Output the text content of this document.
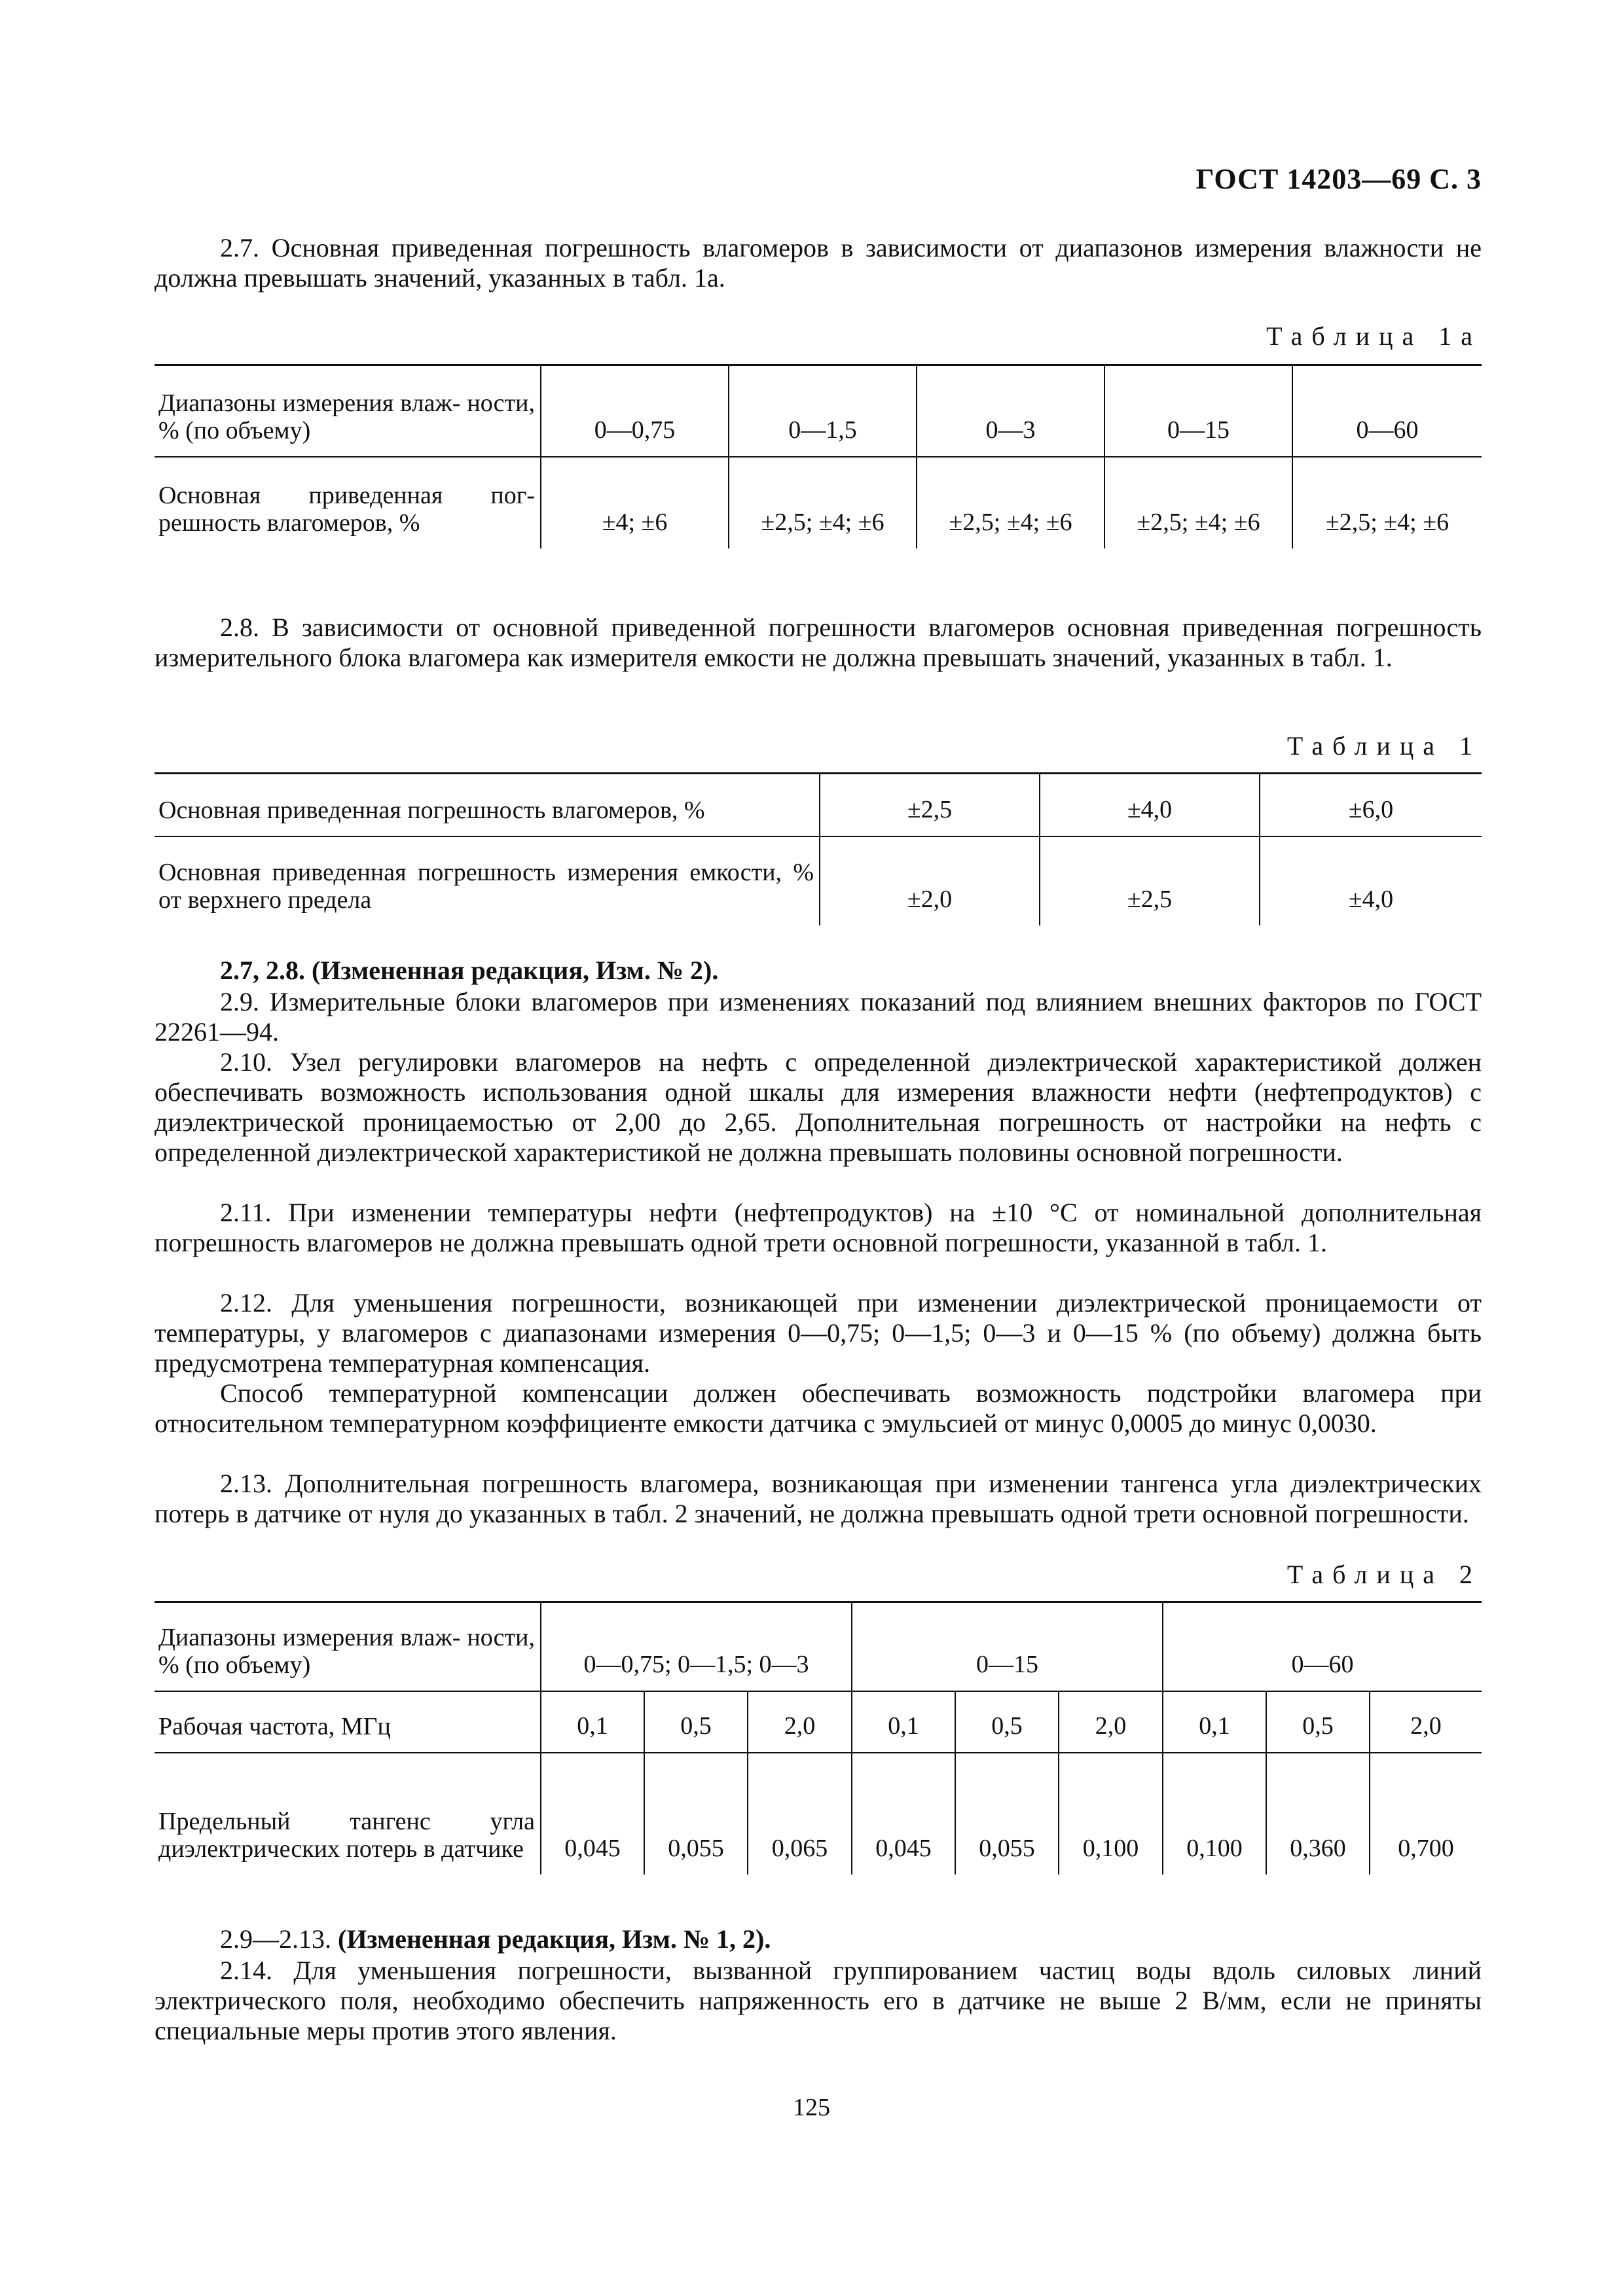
ГОСТ 14203—69 С. 3
2.7. Основная приведенная погрешность влагомеров в зависимости от диапазонов измерения влажности не должна превышать значений, указанных в табл. 1а.
Таблица 1а
Диапазоны измерения влаж- ности, % (по объему)	0—0,75	0—1,5	0—3	0—15	0—60
Основная приведенная пог- решность влагомеров, %	±4; ±6	±2,5; ±4; ±6	±2,5; ±4; ±6	±2,5; ±4; ±6	±2,5; ±4; ±6
2.8. В зависимости от основной приведенной погрешности влагомеров основная приведенная погрешность измерительного блока влагомера как измерителя емкости не должна превышать значений, указанных в табл. 1.
Таблица 1
Основная приведенная погрешность влагомеров, %	±2,5	±4,0	±6,0
Основная приведенная погрешность измерения емкости, % от верхнего предела	±2,0	±2,5	±4,0
2.7, 2.8. (Измененная редакция, Изм. № 2).
2.9. Измерительные блоки влагомеров при изменениях показаний под влиянием внешних факторов по ГОСТ 22261—94.
2.10. Узел регулировки влагомеров на нефть с определенной диэлектрической характеристикой должен обеспечивать возможность использования одной шкалы для измерения влажности нефти (нефтепродуктов) с диэлектрической проницаемостью от 2,00 до 2,65. Дополнительная погрешность от настройки на нефть с определенной диэлектрической характеристикой не должна превышать половины основной погрешности.
2.11. При изменении температуры нефти (нефтепродуктов) на ±10 °С от номинальной дополнительная погрешность влагомеров не должна превышать одной трети основной погрешности, указанной в табл. 1.
2.12. Для уменьшения погрешности, возникающей при изменении диэлектрической проницаемости от температуры, у влагомеров с диапазонами измерения 0—0,75; 0—1,5; 0—3 и 0—15 % (по объему) должна быть предусмотрена температурная компенсация.
Способ температурной компенсации должен обеспечивать возможность подстройки влагомера при относительном температурном коэффициенте емкости датчика с эмульсией от минус 0,0005 до минус 0,0030.
2.13. Дополнительная погрешность влагомера, возникающая при изменении тангенса угла диэлектрических потерь в датчике от нуля до указанных в табл. 2 значений, не должна превышать одной трети основной погрешности.
Таблица 2
Диапазоны измерения влаж- ности, % (по объему)	0—0,75; 0—1,5; 0—3			0—15			0—60		
Рабочая частота, МГц	0,1	0,5	2,0	0,1	0,5	2,0	0,1	0,5	2,0
Предельный тангенс угла диэлектрических потерь в датчике	0,045	0,055	0,065	0,045	0,055	0,100	0,100	0,360	0,700
2.9—2.13. (Измененная редакция, Изм. № 1, 2).
2.14. Для уменьшения погрешности, вызванной группированием частиц воды вдоль силовых линий электрического поля, необходимо обеспечить напряженность его в датчике не выше 2 В/мм, если не приняты специальные меры против этого явления.
125
